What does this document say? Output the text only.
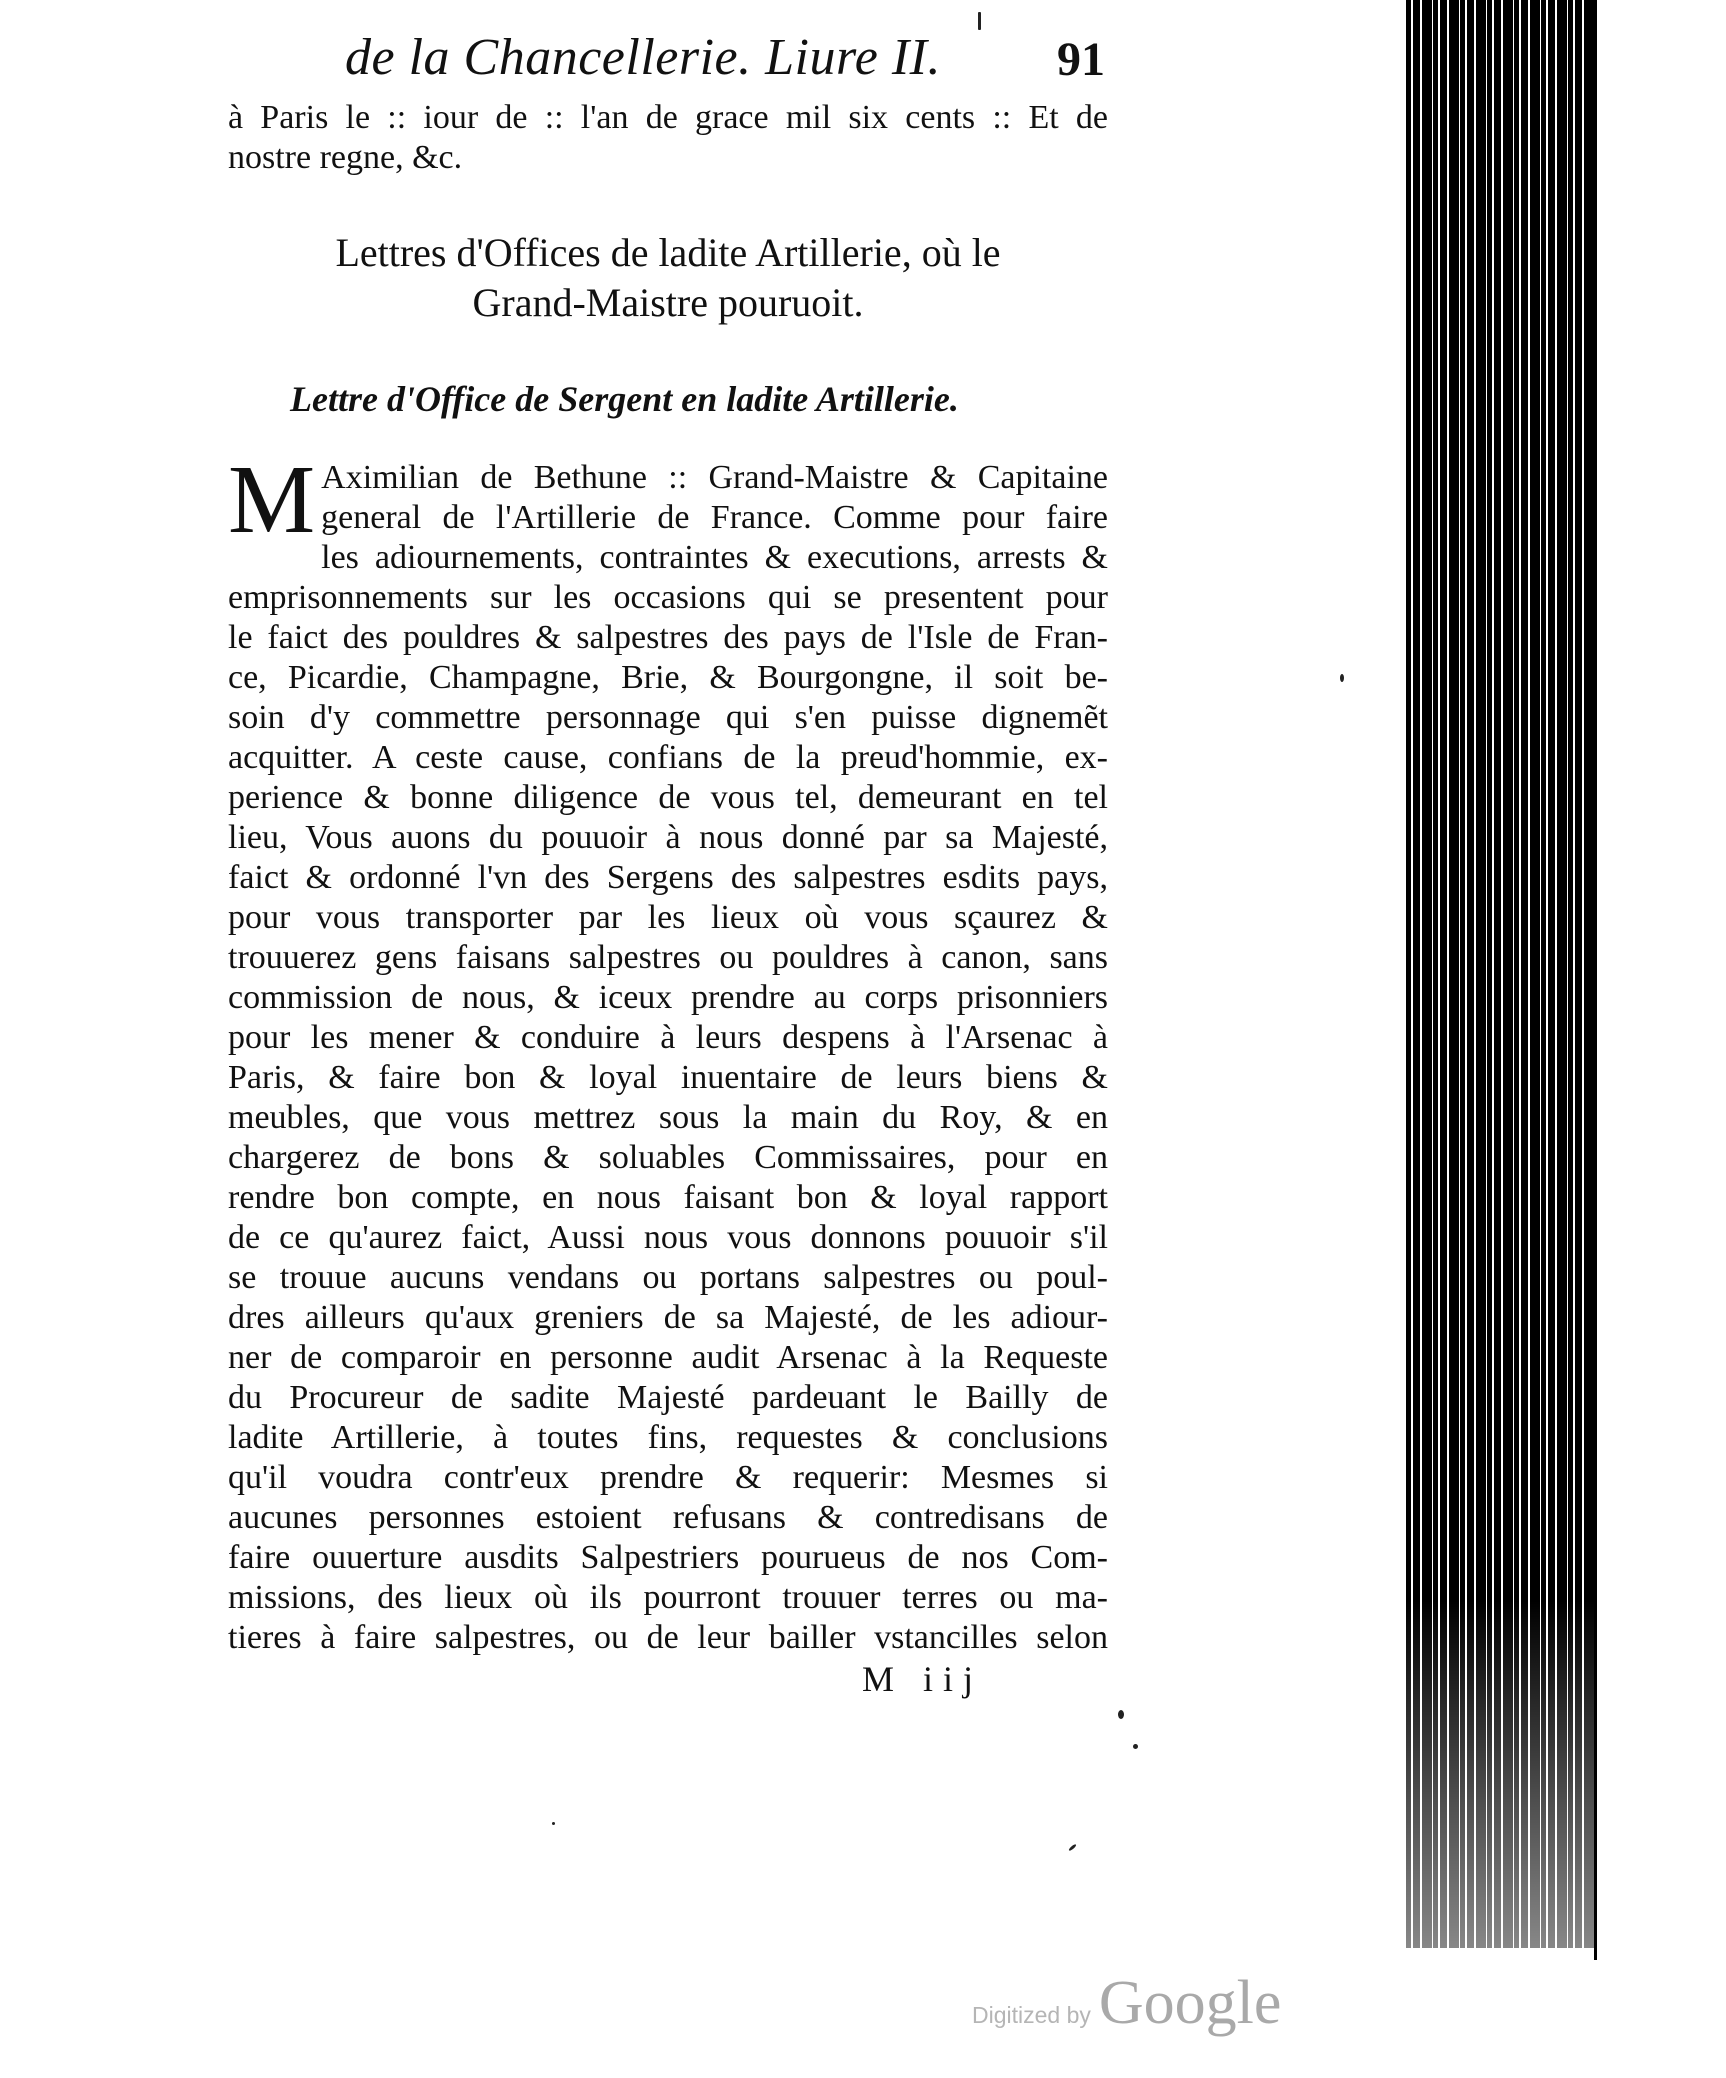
de la Chancellerie. Liure II. 91
à Paris le :: iour de :: l'an de grace mil six cents :: Et de
nostre regne, &c.
Lettres d'Offices de ladite Artillerie, où le
Grand-Maistre pouruoit.
Lettre d'Office de Sergent en ladite Artillerie.
M Aximilian de Bethune :: Grand-Maistre & Capitaine
general de l'Artillerie de France. Comme pour faire
les adiournements, contraintes & executions, arrests &
emprisonnements sur les occasions qui se presentent pour
le faict des pouldres & salpestres des pays de l'Isle de Fran-
ce, Picardie, Champagne, Brie, & Bourgongne, il soit be-
soin d'y commettre personnage qui s'en puisse dignemẽt
acquitter. A ceste cause, confians de la preud'hommie, ex-
perience & bonne diligence de vous tel, demeurant en tel
lieu, Vous auons du pouuoir à nous donné par sa Majesté,
faict & ordonné l'vn des Sergens des salpestres esdits pays,
pour vous transporter par les lieux où vous sçaurez &
trouuerez gens faisans salpestres ou pouldres à canon, sans
commission de nous, & iceux prendre au corps prisonniers
pour les mener & conduire à leurs despens à l'Arsenac à
Paris, & faire bon & loyal inuentaire de leurs biens &
meubles, que vous mettrez sous la main du Roy, & en
chargerez de bons & soluables Commissaires, pour en
rendre bon compte, en nous faisant bon & loyal rapport
de ce qu'aurez faict, Aussi nous vous donnons pouuoir s'il
se trouue aucuns vendans ou portans salpestres ou poul-
dres ailleurs qu'aux greniers de sa Majesté, de les adiour-
ner de comparoir en personne audit Arsenac à la Requeste
du Procureur de sadite Majesté pardeuant le Bailly de
ladite Artillerie, à toutes fins, requestes & conclusions
qu'il voudra contr'eux prendre & requerir: Mesmes si
aucunes personnes estoient refusans & contredisans de
faire ouuerture ausdits Salpestriers pourueus de nos Com-
missions, des lieux où ils pourront trouuer terres ou ma-
tieres à faire salpestres, ou de leur bailler vstancilles selon
M iij
Digitized by Google
